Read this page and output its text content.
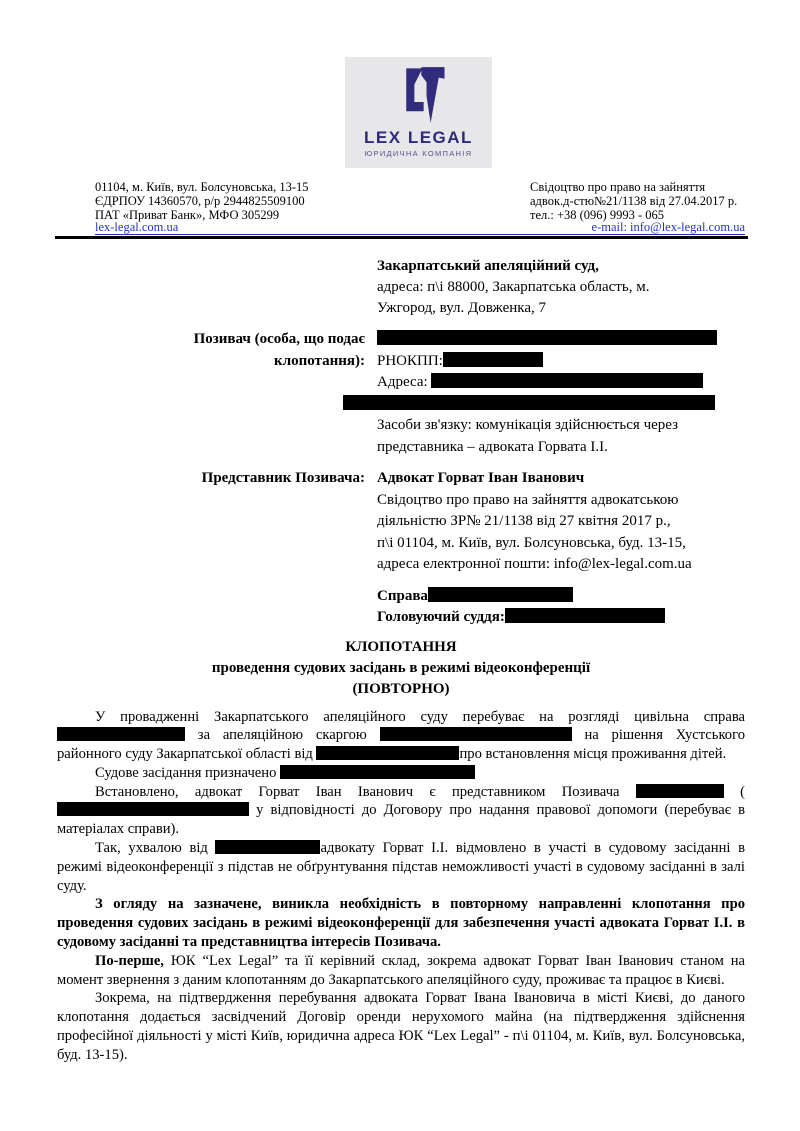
LEX LEGAL
ЮРИДИЧНА КОМПАНІЯ
01104, м. Київ, вул. Болсуновська, 13-15
ЄДРПОУ 14360570, р/р 2944825509100
ПАТ «Приват Банк», МФО 305299
Свідоцтво про право на зайняття
адвок.д-стю№21/1138 від 27.04.2017 р.
тел.: +38 (096) 9993 - 065
lex-legal.com.ua	e-mail: info@lex-legal.com.ua
Закарпатський апеляційний суд,
адреса: п\і 88000, Закарпатська область, м.
Ужгород, вул. Довженка, 7
Позивач (особа, що подає
клопотання): РНОКПП:
Адреса:
Засоби зв'язку: комунікація здійснюється через
представника – адвоката Горвата І.І.
Представник Позивача: Адвокат Горват Іван Іванович
Свідоцтво про право на зайняття адвокатською
діяльністю ЗР№ 21/1138 від 27 квітня 2017 р.,
п\і 01104, м. Київ, вул. Болсуновська, буд. 13-15,
адреса електронної пошти: info@lex-legal.com.ua
Справа
Головуючий суддя:
КЛОПОТАННЯ
проведення судових засідань в режимі відеоконференції
(ПОВТОРНО)

У провадженні Закарпатського апеляційного суду перебуває на розгляді цивільна справа  за апеляційною скаргою	на рішення Хустського районного суду Закарпатської області від	про встановлення місця проживання дітей.

Судове засідання призначено

Встановлено, адвокат Горват Іван Іванович є представником Позивача	( у відповідності до Договору про надання правової допомоги (перебуває в матеріалах справи).

Так, ухвалою від	адвокату Горват І.І. відмовлено в участі в судовому засіданні в режимі відеоконференції з підстав не обґрунтування підстав неможливості участі в судовому засіданні в залі суду.

З огляду на зазначене, виникла необхідність в повторному направленні клопотання про проведення судових засідань в режимі відеоконференції для забезпечення участі адвоката Горват І.І. в судовому засіданні та представництва інтересів Позивача.

По-перше, ЮК “Lex Legal” та її керівний склад, зокрема адвокат Горват Іван Іванович станом на момент звернення з даним клопотанням до Закарпатського апеляційного суду, проживає та працює в Києві.

Зокрема, на підтвердження перебування адвоката Горват Івана Івановича в місті Києві, до даного клопотання додається засвідчений Договір оренди нерухомого майна (на підтвердження здійснення професійної діяльності у місті Київ, юридична адреса ЮК “Lex Legal” - п\і 01104, м. Київ, вул. Болсуновська, буд. 13-15).
